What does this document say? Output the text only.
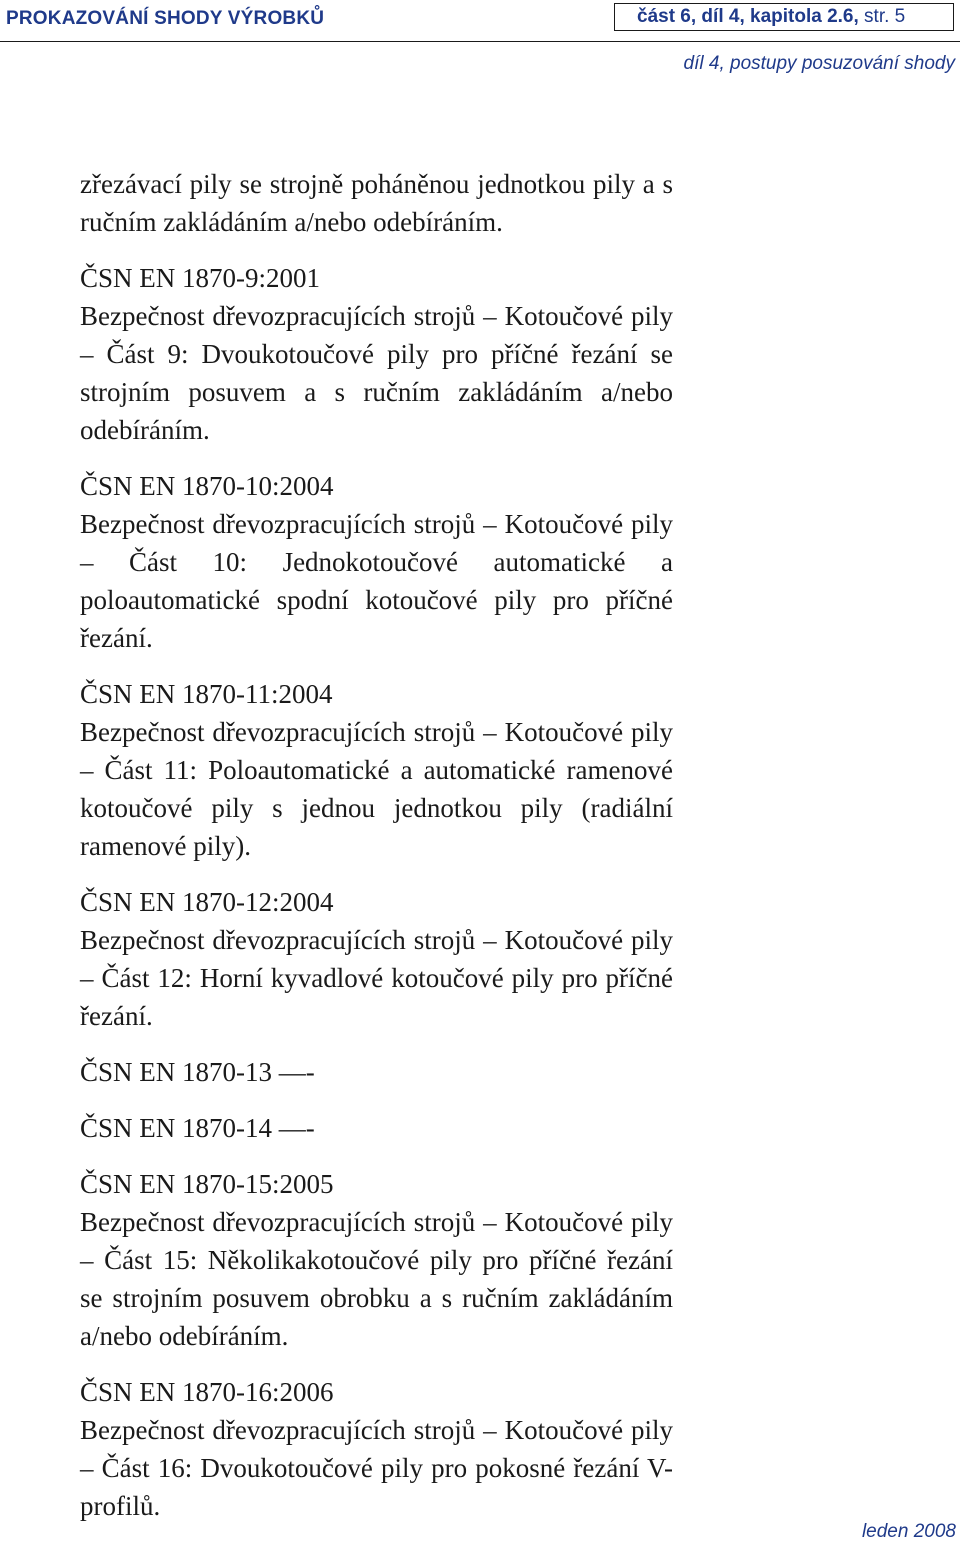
PROKAZOVÁNÍ SHODY VÝROBKŮ	část 6, díl 4, kapitola 2.6, str. 5
díl 4, postupy posuzování shody

zřezávací pily se strojně poháněnou jednotkou pily a s ručním zakládáním a/nebo odebíráním.

ČSN EN 1870-9:2001
Bezpečnost dřevozpracujících strojů – Kotoučové pily – Část 9: Dvoukotoučové pily pro příčné řezání se strojním posuvem a s ručním zakládáním a/nebo odebíráním.
ČSN EN 1870-10:2004
Bezpečnost dřevozpracujících strojů – Kotoučové pily – Část 10: Jednokotoučové automatické a poloautomatické spodní kotoučové pily pro příčné řezání.
ČSN EN 1870-11:2004
Bezpečnost dřevozpracujících strojů – Kotoučové pily – Část 11: Poloautomatické a automatické ramenové kotoučové pily s jednou jednotkou pily (radiální ramenové pily).
ČSN EN 1870-12:2004
Bezpečnost dřevozpracujících strojů – Kotoučové pily – Část 12: Horní kyvadlové kotoučové pily pro příčné řezání.
ČSN EN 1870-13 —-
ČSN EN 1870-14 —-
ČSN EN 1870-15:2005
Bezpečnost dřevozpracujících strojů – Kotoučové pily – Část 15: Několikakotoučové pily pro příčné řezání se strojním posuvem obrobku a s ručním zakládáním a/nebo odebíráním.
ČSN EN 1870-16:2006
Bezpečnost dřevozpracujících strojů – Kotoučové pily – Část 16: Dvoukotoučové pily pro pokosné řezání V-profilů.
leden 2008
